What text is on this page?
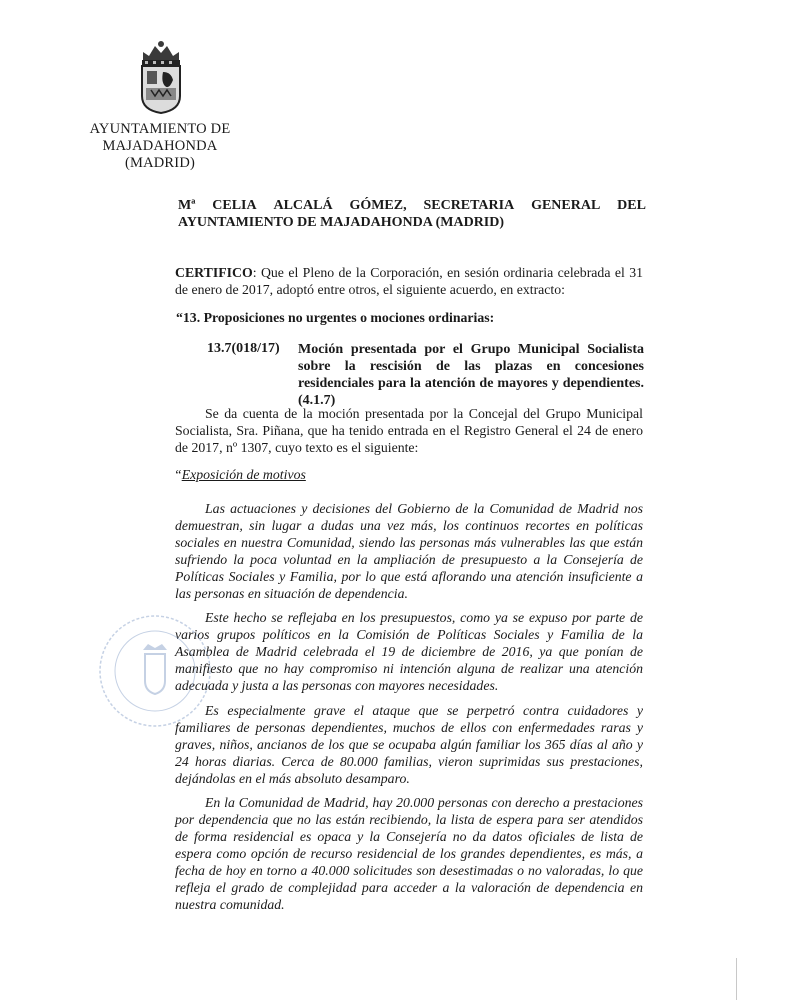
AYUNTAMIENTO DE
MAJADAHONDA
(MADRID)
Mª CELIA ALCALÁ GÓMEZ, SECRETARIA GENERAL DEL
AYUNTAMIENTO DE MAJADAHONDA (MADRID)
CERTIFICO: Que el Pleno de la Corporación, en sesión ordinaria celebrada el 31 de enero de 2017, adoptó entre otros, el siguiente acuerdo, en extracto:
“13. Proposiciones no urgentes o mociones ordinarias:
13.7(018/17) Moción presentada por el Grupo Municipal Socialista sobre la rescisión de las plazas en concesiones residenciales para la atención de mayores y dependientes. (4.1.7)
Se da cuenta de la moción presentada por la Concejal del Grupo Municipal Socialista, Sra. Piñana, que ha tenido entrada en el Registro General el 24 de enero de 2017, nº 1307, cuyo texto es el siguiente:
“Exposición de motivos
Las actuaciones y decisiones del Gobierno de la Comunidad de Madrid nos demuestran, sin lugar a dudas una vez más, los continuos recortes en políticas sociales en nuestra Comunidad, siendo las personas más vulnerables las que están sufriendo la poca voluntad en la ampliación de presupuesto a la Consejería de Políticas Sociales y Familia, por lo que está aflorando una atención insuficiente a las personas en situación de dependencia.
Este hecho se reflejaba en los presupuestos, como ya se expuso por parte de varios grupos políticos en la Comisión de Políticas Sociales y Familia de la Asamblea de Madrid celebrada el 19 de diciembre de 2016, ya que ponían de manifiesto que no hay compromiso ni intención alguna de realizar una atención adecuada y justa a las personas con mayores necesidades.
Es especialmente grave el ataque que se perpetró contra cuidadores y familiares de personas dependientes, muchos de ellos con enfermedades raras y graves, niños, ancianos de los que se ocupaba algún familiar los 365 días al año y 24 horas diarias. Cerca de 80.000 familias, vieron suprimidas sus prestaciones, dejándolas en el más absoluto desamparo.
En la Comunidad de Madrid, hay 20.000 personas con derecho a prestaciones por dependencia que no las están recibiendo, la lista de espera para ser atendidos de forma residencial es opaca y la Consejería no da datos oficiales de lista de espera como opción de recurso residencial de los grandes dependientes, es más, a fecha de hoy en torno a 40.000 solicitudes son desestimadas o no valoradas, lo que refleja el grado de complejidad para acceder a la valoración de dependencia en nuestra comunidad.
